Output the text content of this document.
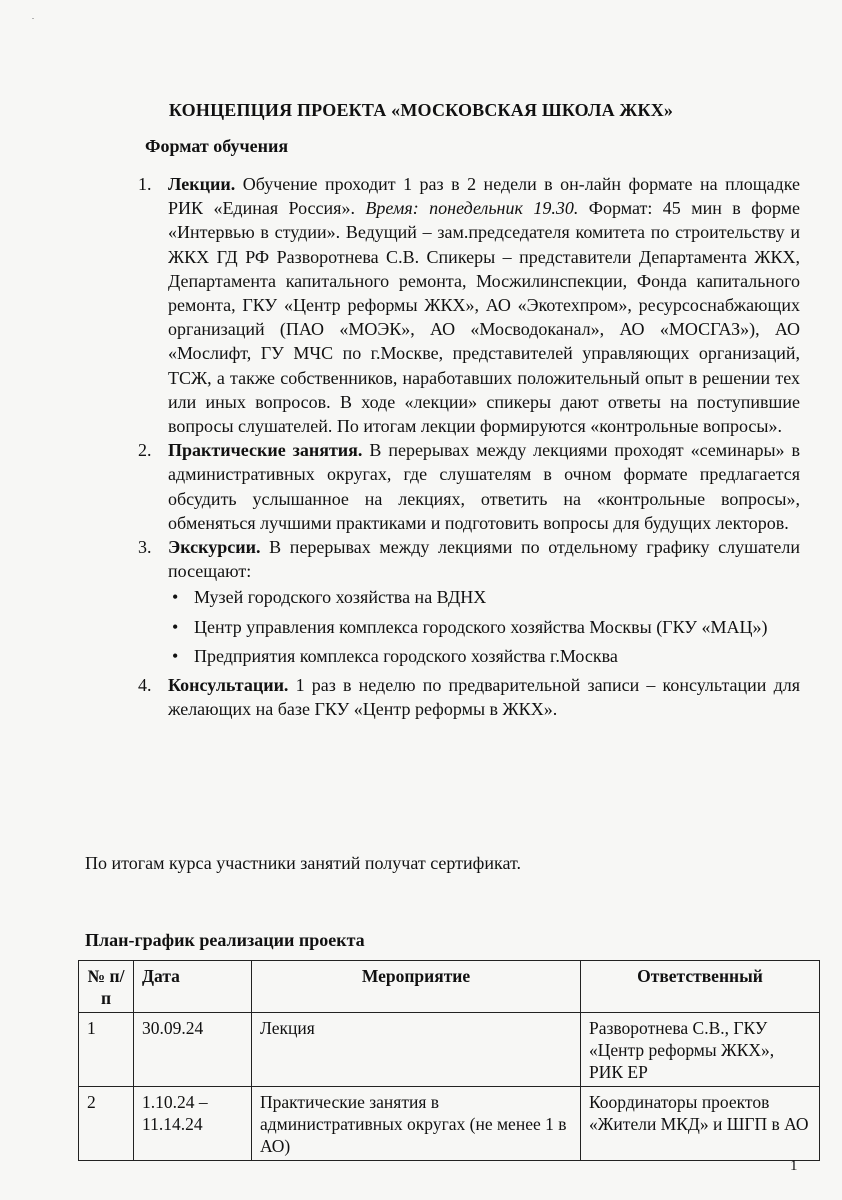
.
КОНЦЕПЦИЯ ПРОЕКТА «МОСКОВСКАЯ ШКОЛА ЖКХ»
Формат обучения
1. Лекции. Обучение проходит 1 раз в 2 недели в он-лайн формате на площадке РИК «Единая Россия». Время: понедельник 19.30. Формат: 45 мин в форме «Интервью в студии». Ведущий – зам.председателя комитета по строительству и ЖКХ ГД РФ Разворотнева С.В. Спикеры – представители Департамента ЖКХ, Департамента капитального ремонта, Мосжилинспекции, Фонда капитального ремонта, ГКУ «Центр реформы ЖКХ», АО «Экотехпром», ресурсоснабжающих организаций (ПАО «МОЭК», АО «Мосводоканал», АО «МОСГАЗ»), АО «Мослифт, ГУ МЧС по г.Москве, представителей управляющих организаций, ТСЖ, а также собственников, наработавших положительный опыт в решении тех или иных вопросов. В ходе «лекции» спикеры дают ответы на поступившие вопросы слушателей. По итогам лекции формируются «контрольные вопросы».
2. Практические занятия. В перерывах между лекциями проходят «семинары» в административных округах, где слушателям в очном формате предлагается обсудить услышанное на лекциях, ответить на «контрольные вопросы», обменяться лучшими практиками и подготовить вопросы для будущих лекторов.
3. Экскурсии. В перерывах между лекциями по отдельному графику слушатели посещают:
• Музей городского хозяйства на ВДНХ
• Центр управления комплекса городского хозяйства Москвы (ГКУ «МАЦ»)
• Предприятия комплекса городского хозяйства г.Москва
4. Консультации. 1 раз в неделю по предварительной записи – консультации для желающих на базе ГКУ «Центр реформы в ЖКХ».
По итогам курса участники занятий получат сертификат.
План-график реализации проекта
№ п/п	Дата	Мероприятие	Ответственный
1	30.09.24	Лекция	Разворотнева С.В., ГКУ «Центр реформы ЖКХ», РИК ЕР
2	1.10.24 – 11.14.24	Практические занятия в административных округах (не менее 1 в АО)	Координаторы проектов «Жители МКД» и ШГП в АО
1
